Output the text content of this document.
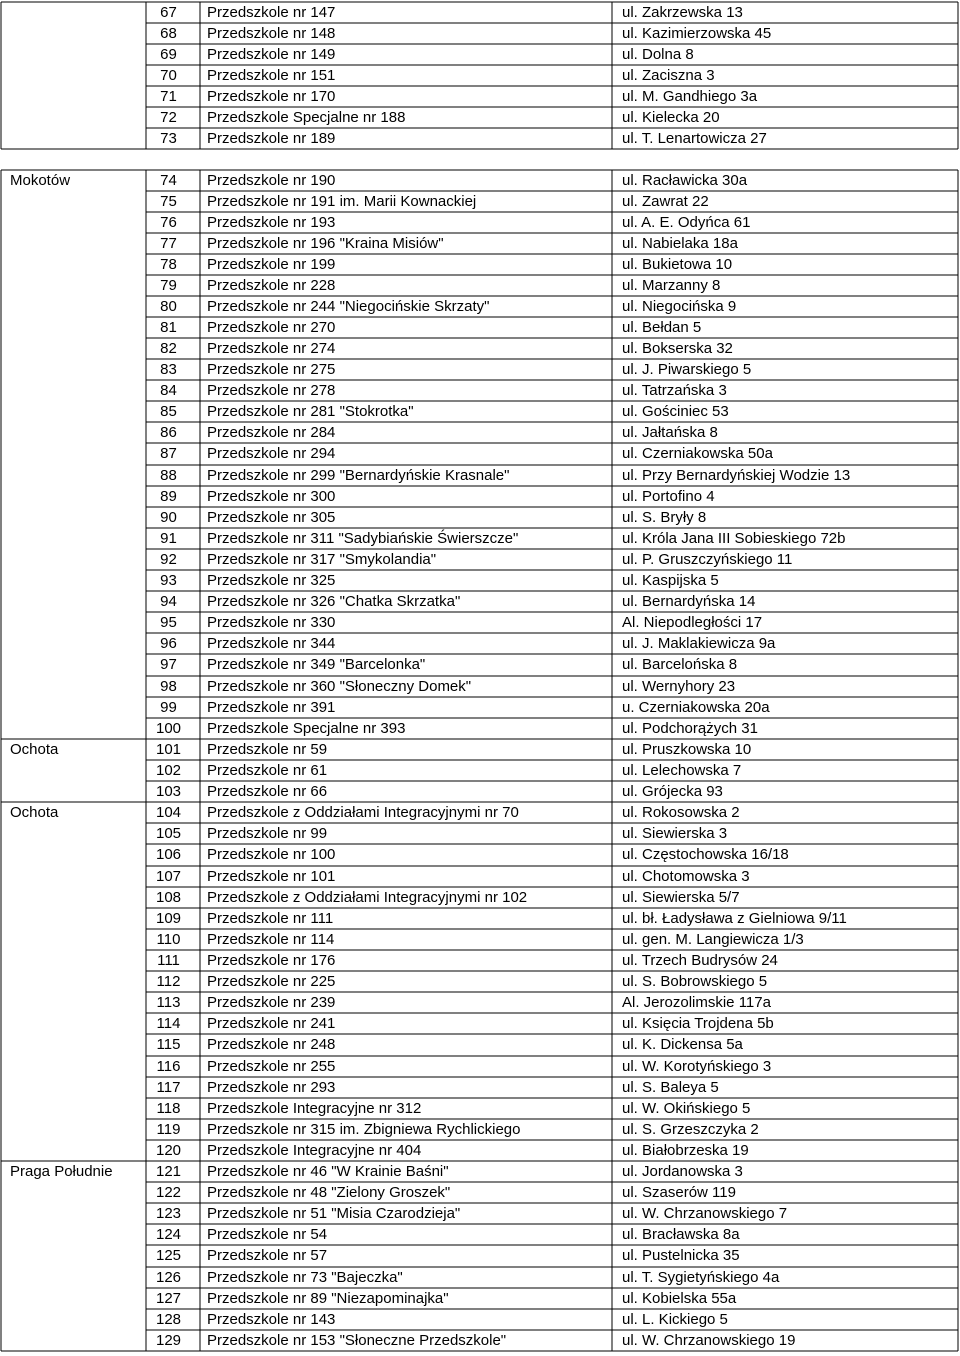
67	Przedszkole nr 147	ul. Zakrzewska 13
68	Przedszkole nr 148	ul. Kazimierzowska 45
69	Przedszkole nr 149	ul. Dolna 8
70	Przedszkole nr 151	ul. Zaciszna 3
71	Przedszkole nr 170	ul. M. Gandhiego 3a
72	Przedszkole Specjalne nr 188	ul. Kielecka 20
73	Przedszkole nr 189	ul. T. Lenartowicza 27
Mokotów	74	Przedszkole nr 190	ul. Racławicka 30a
75	Przedszkole nr 191 im. Marii Kownackiej	ul. Zawrat 22
76	Przedszkole nr 193	ul. A. E. Odyńca 61
77	Przedszkole nr 196 "Kraina Misiów"	ul. Nabielaka 18a
78	Przedszkole nr 199	ul. Bukietowa 10
79	Przedszkole nr 228	ul. Marzanny 8
80	Przedszkole nr 244 "Niegocińskie Skrzaty"	ul. Niegocińska 9
81	Przedszkole nr 270	ul. Bełdan 5
82	Przedszkole nr 274	ul. Bokserska 32
83	Przedszkole nr 275	ul. J. Piwarskiego 5
84	Przedszkole nr 278	ul. Tatrzańska 3
85	Przedszkole nr 281 "Stokrotka"	ul. Gościniec 53
86	Przedszkole nr 284	ul. Jałtańska 8
87	Przedszkole nr 294	ul. Czerniakowska 50a
88	Przedszkole nr 299 "Bernardyńskie Krasnale"	ul. Przy Bernardyńskiej Wodzie 13
89	Przedszkole nr 300	ul. Portofino 4
90	Przedszkole nr 305	ul. S. Bryły 8
91	Przedszkole nr 311 "Sadybiańskie Świerszcze"	ul. Króla Jana III Sobieskiego 72b
92	Przedszkole nr 317 "Smykolandia"	ul. P. Gruszczyńskiego 11
93	Przedszkole nr 325	ul. Kaspijska 5
94	Przedszkole nr 326 "Chatka Skrzatka"	ul. Bernardyńska 14
95	Przedszkole nr 330	Al. Niepodległości 17
96	Przedszkole nr 344	ul. J. Maklakiewicza 9a
97	Przedszkole nr 349 "Barcelonka"	ul. Barcelońska 8
98	Przedszkole nr 360 "Słoneczny Domek"	ul. Wernyhory 23
99	Przedszkole nr 391	u. Czerniakowska 20a
100	Przedszkole Specjalne nr 393	ul. Podchorążych 31
Ochota	101	Przedszkole nr 59	ul. Pruszkowska 10
102	Przedszkole nr 61	ul. Lelechowska 7
103	Przedszkole nr 66	ul. Grójecka 93
Ochota	104	Przedszkole z Oddziałami Integracyjnymi nr 70	ul. Rokosowska 2
105	Przedszkole nr 99	ul. Siewierska 3
106	Przedszkole nr 100	ul. Częstochowska 16/18
107	Przedszkole nr 101	ul. Chotomowska 3
108	Przedszkole z Oddziałami Integracyjnymi nr 102	ul. Siewierska 5/7
109	Przedszkole nr 111	ul. bł. Ładysława z Gielniowa 9/11
110	Przedszkole nr 114	ul. gen. M. Langiewicza 1/3
111	Przedszkole nr 176	ul. Trzech Budrysów 24
112	Przedszkole nr 225	ul. S. Bobrowskiego 5
113	Przedszkole nr 239	Al. Jerozolimskie 117a
114	Przedszkole nr 241	ul. Księcia Trojdena 5b
115	Przedszkole nr 248	ul. K. Dickensa 5a
116	Przedszkole nr 255	ul. W. Korotyńskiego 3
117	Przedszkole nr 293	ul. S. Baleya 5
118	Przedszkole Integracyjne nr 312	ul. W. Okińskiego 5
119	Przedszkole nr 315 im. Zbigniewa Rychlickiego	ul. S. Grzeszczyka 2
120	Przedszkole Integracyjne nr 404	ul. Białobrzeska 19
Praga Południe	121	Przedszkole nr 46 "W Krainie Baśni"	ul. Jordanowska 3
122	Przedszkole nr 48 "Zielony Groszek"	ul. Szaserów 119
123	Przedszkole nr 51 "Misia Czarodzieja"	ul. W. Chrzanowskiego 7
124	Przedszkole nr 54	ul. Bracławska 8a
125	Przedszkole nr 57	ul. Pustelnicka 35
126	Przedszkole nr 73 "Bajeczka"	ul. T. Sygietyńskiego 4a
127	Przedszkole nr 89 "Niezapominajka"	ul. Kobielska 55a
128	Przedszkole nr 143	ul. L. Kickiego 5
129	Przedszkole nr 153 "Słoneczne Przedszkole"	ul. W. Chrzanowskiego 19
